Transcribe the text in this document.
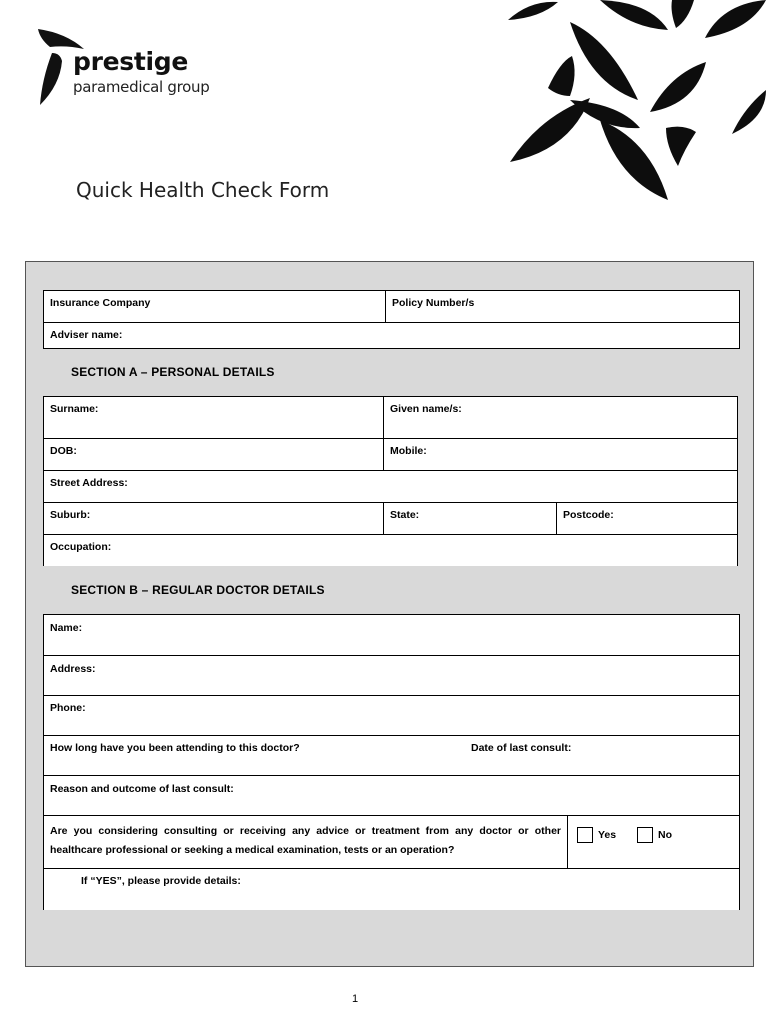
prestige
paramedical group
Quick Health Check Form
Insurance Company	Policy Number/s
Adviser name:
SECTION A – PERSONAL DETAILS
Surname:	Given name/s:
DOB:	Mobile:
Street Address:
Suburb:	State:	Postcode:
Occupation:
SECTION B – REGULAR DOCTOR DETAILS
Name:
Address:
Phone:
How long have you been attending to this doctor?	Date of last consult:
Reason and outcome of last consult:
Are you considering consulting or receiving any advice or treatment from any doctor or other healthcare professional or seeking a medical examination, tests or an operation?
Yes	No
If “YES”, please provide details:
1
